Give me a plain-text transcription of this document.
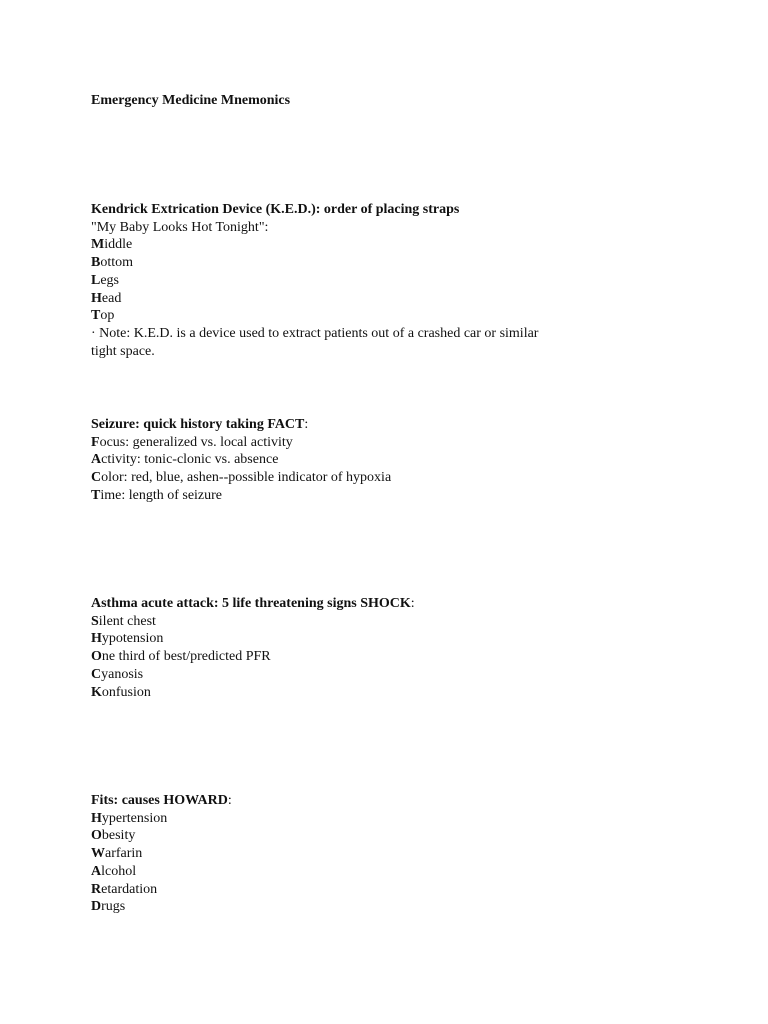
Emergency Medicine Mnemonics
Kendrick Extrication Device (K.E.D.): order of placing straps
"My Baby Looks Hot Tonight":
Middle
Bottom
Legs
Head
Top
· Note: K.E.D. is a device used to extract patients out of a crashed car or similar tight space.
Seizure: quick history taking FACT:
Focus: generalized vs. local activity
Activity: tonic-clonic vs. absence
Color: red, blue, ashen--possible indicator of hypoxia
Time: length of seizure
Asthma acute attack: 5 life threatening signs SHOCK:
Silent chest
Hypotension
One third of best/predicted PFR
Cyanosis
Konfusion
Fits: causes HOWARD:
Hypertension
Obesity
Warfarin
Alcohol
Retardation
Drugs
